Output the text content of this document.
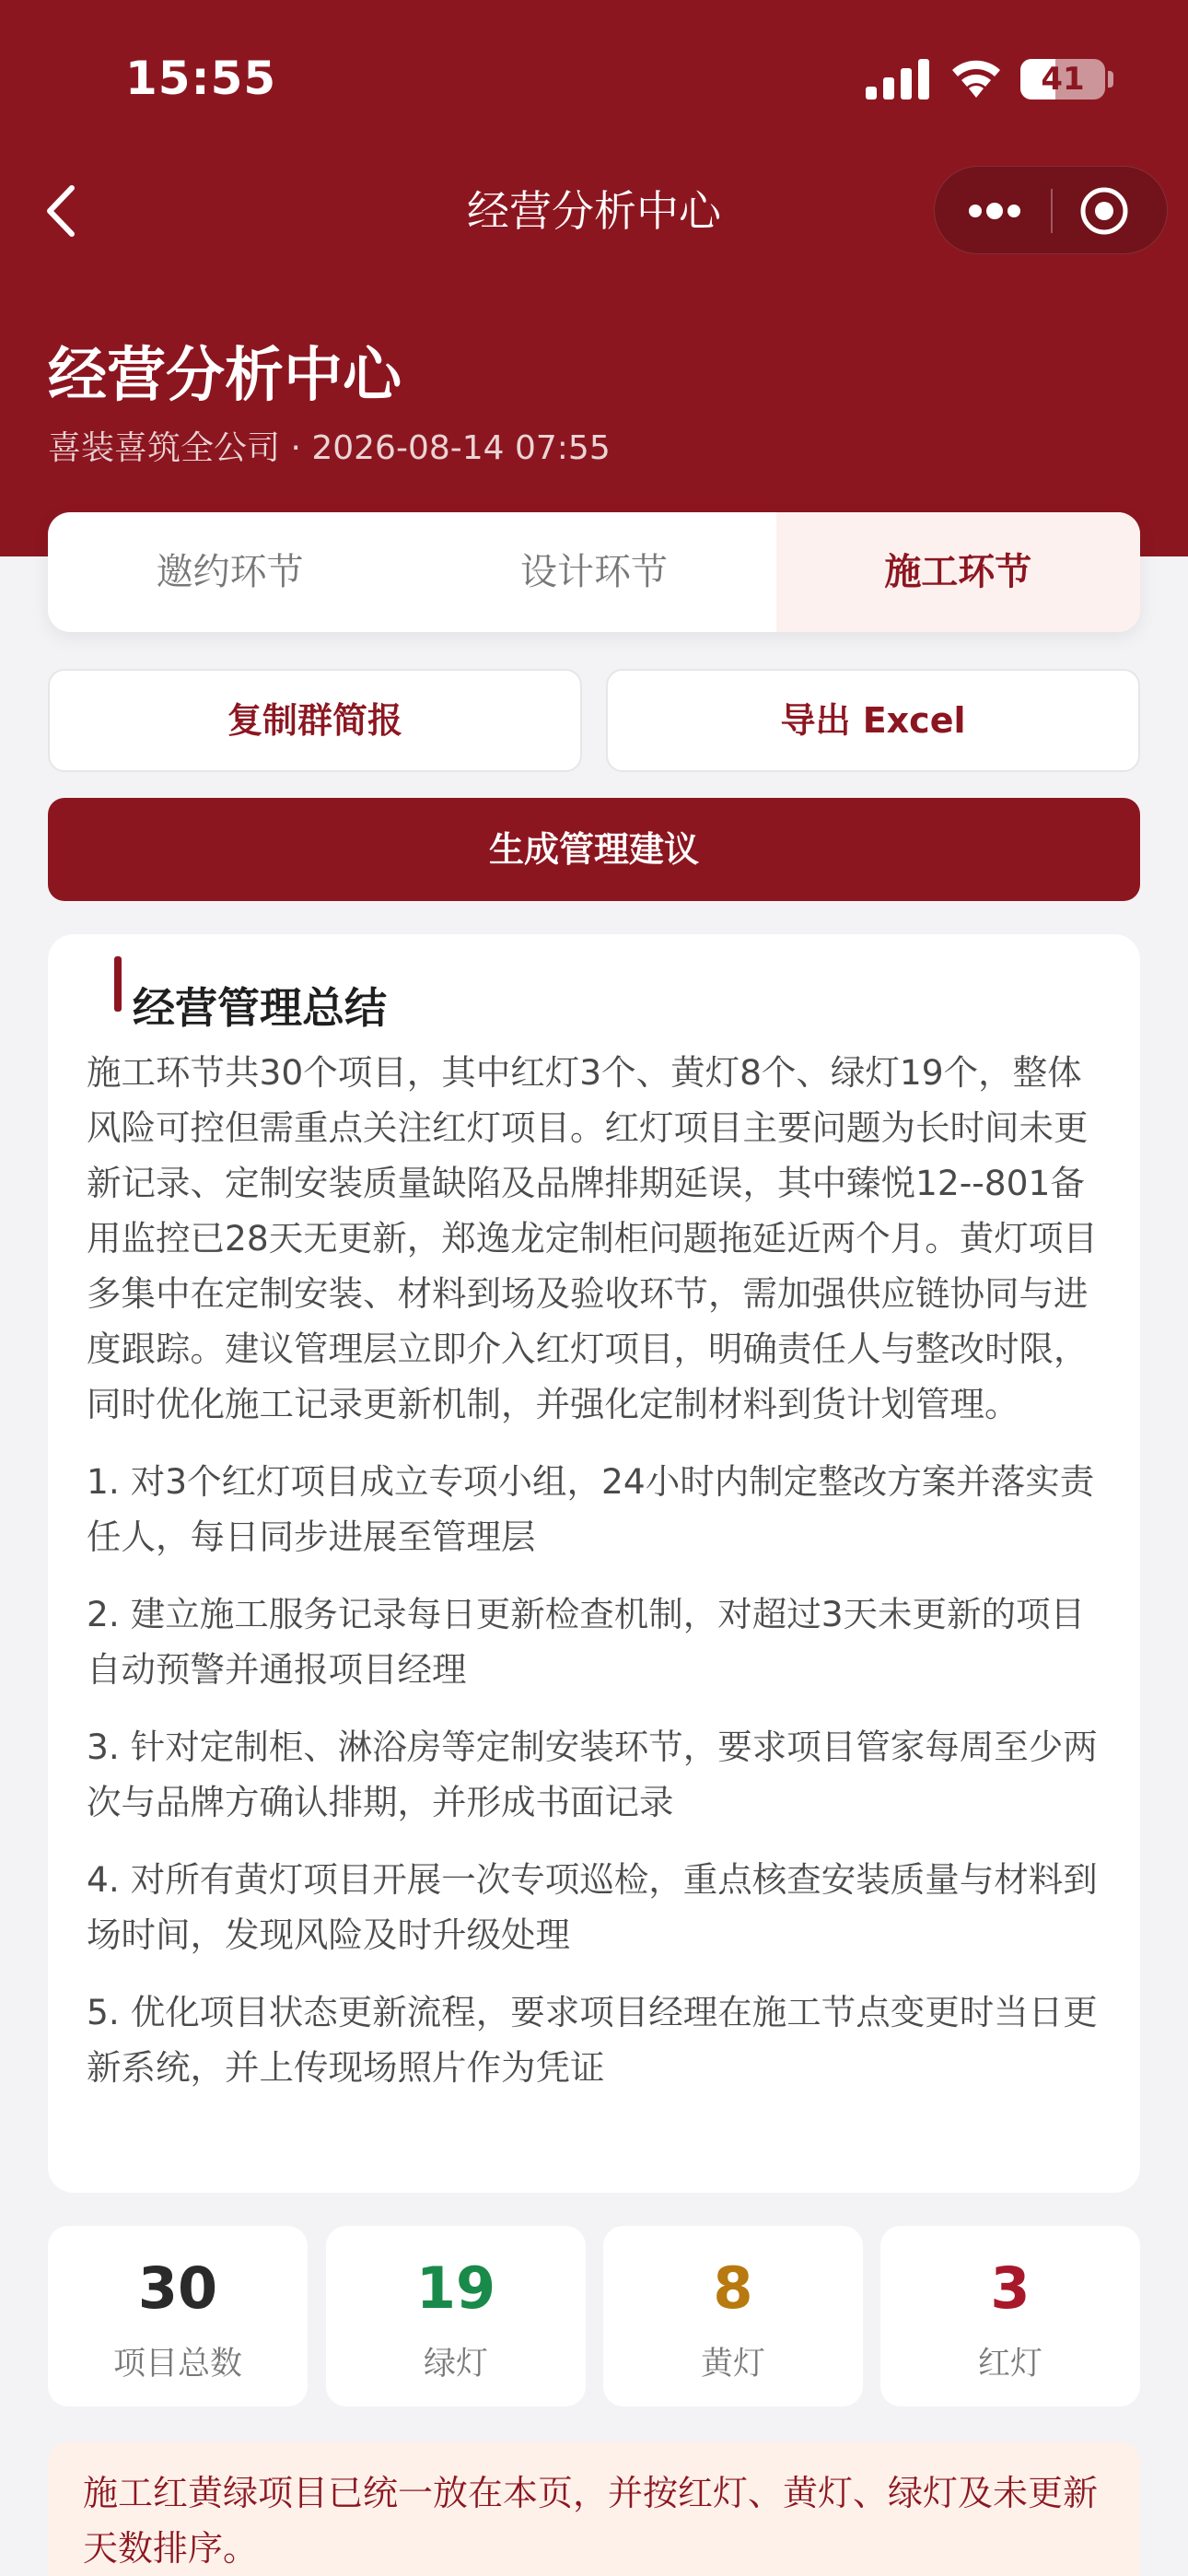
15:55	41
经营分析中心
经营分析中心
喜装喜筑全公司 · 2026-08-14 07:55
邀约环节	设计环节	施工环节
复制群简报	导出 Excel
生成管理建议
经营管理总结

施工环节共30个项目，其中红灯3个、黄灯8个、绿灯19个，整体风险可控但需重点关注红灯项目。红灯项目主要问题为长时间未更新记录、定制安装质量缺陷及品牌排期延误，其中臻悦12--801备用监控已28天无更新，郑逸龙定制柜问题拖延近两个月。黄灯项目多集中在定制安装、材料到场及验收环节，需加强供应链协同与进度跟踪。建议管理层立即介入红灯项目，明确责任人与整改时限，同时优化施工记录更新机制，并强化定制材料到货计划管理。

1. 对3个红灯项目成立专项小组，24小时内制定整改方案并落实责任人，每日同步进展至管理层

2. 建立施工服务记录每日更新检查机制，对超过3天未更新的项目自动预警并通报项目经理

3. 针对定制柜、淋浴房等定制安装环节，要求项目管家每周至少两次与品牌方确认排期，并形成书面记录

4. 对所有黄灯项目开展一次专项巡检，重点核查安装质量与材料到场时间，发现风险及时升级处理

5. 优化项目状态更新流程，要求项目经理在施工节点变更时当日更新系统，并上传现场照片作为凭证

30
项目总数
19
绿灯
8
黄灯
3
红灯
施工红黄绿项目已统一放在本页，并按红灯、黄灯、绿灯及未更新天数排序。
